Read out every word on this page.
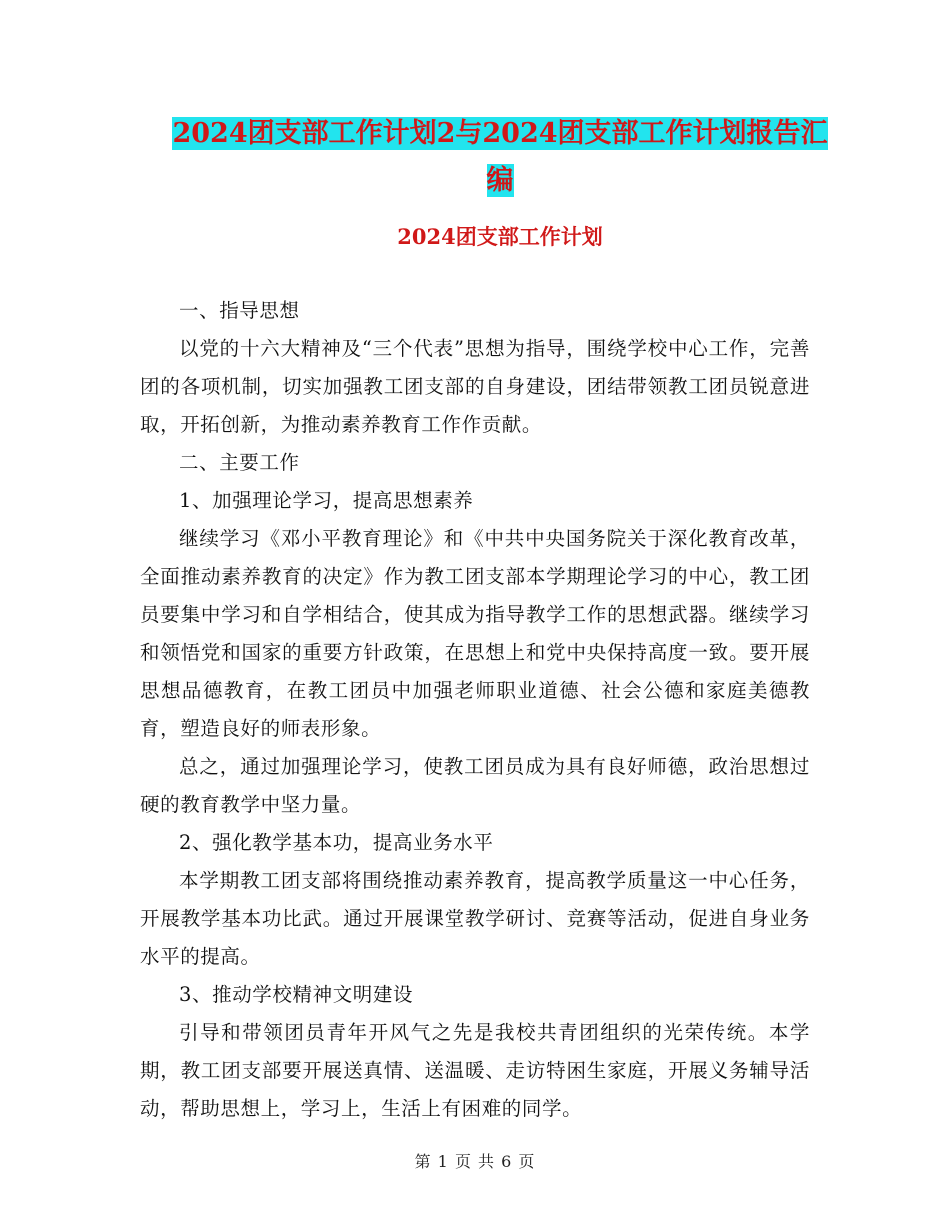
2024团支部工作计划2与2024团支部工作计划报告汇
编
2024团支部工作计划

一、指导思想

以党的十六大精神及“三个代表”思想为指导，围绕学校中心工作，完善团的各项机制，切实加强教工团支部的自身建设，团结带领教工团员锐意进取，开拓创新，为推动素养教育工作作贡献。

二、主要工作

1、加强理论学习，提高思想素养

继续学习《邓小平教育理论》和《中共中央国务院关于深化教育改革，全面推动素养教育的决定》作为教工团支部本学期理论学习的中心，教工团员要集中学习和自学相结合，使其成为指导教学工作的思想武器。继续学习和领悟党和国家的重要方针政策，在思想上和党中央保持高度一致。要开展思想品德教育，在教工团员中加强老师职业道德、社会公德和家庭美德教育，塑造良好的师表形象。

总之，通过加强理论学习，使教工团员成为具有良好师德，政治思想过硬的教育教学中坚力量。

2、强化教学基本功，提高业务水平

本学期教工团支部将围绕推动素养教育，提高教学质量这一中心任务，开展教学基本功比武。通过开展课堂教学研讨、竞赛等活动，促进自身业务水平的提高。

3、推动学校精神文明建设

引导和带领团员青年开风气之先是我校共青团组织的光荣传统。本学期，教工团支部要开展送真情、送温暖、走访特困生家庭，开展义务辅导活动，帮助思想上，学习上，生活上有困难的同学。

第 1 页 共 6 页
